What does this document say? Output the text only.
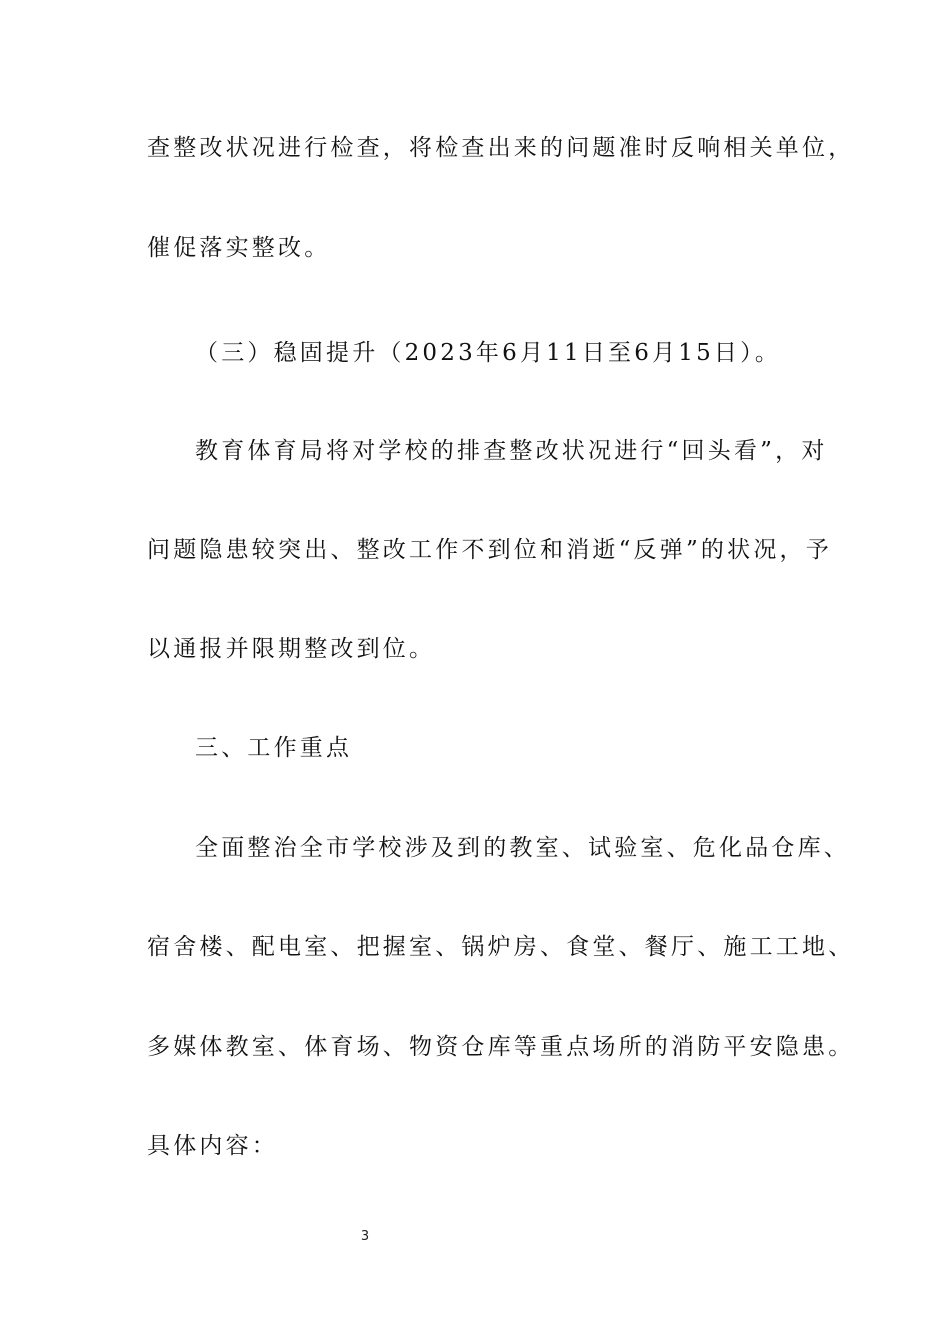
查整改状况进行检查，将检查出来的问题准时反响相关单位，
催促落实整改。
（三）稳固提升（2023年6月11日至6月15日）。
教育体育局将对学校的排查整改状况进行“回头看”，对
问题隐患较突出、整改工作不到位和消逝“反弹”的状况，予
以通报并限期整改到位。
三、工作重点
全面整治全市学校涉及到的教室、试验室、危化品仓库、
宿舍楼、配电室、把握室、锅炉房、食堂、餐厅、施工工地、
多媒体教室、体育场、物资仓库等重点场所的消防平安隐患。
具体内容：
3
